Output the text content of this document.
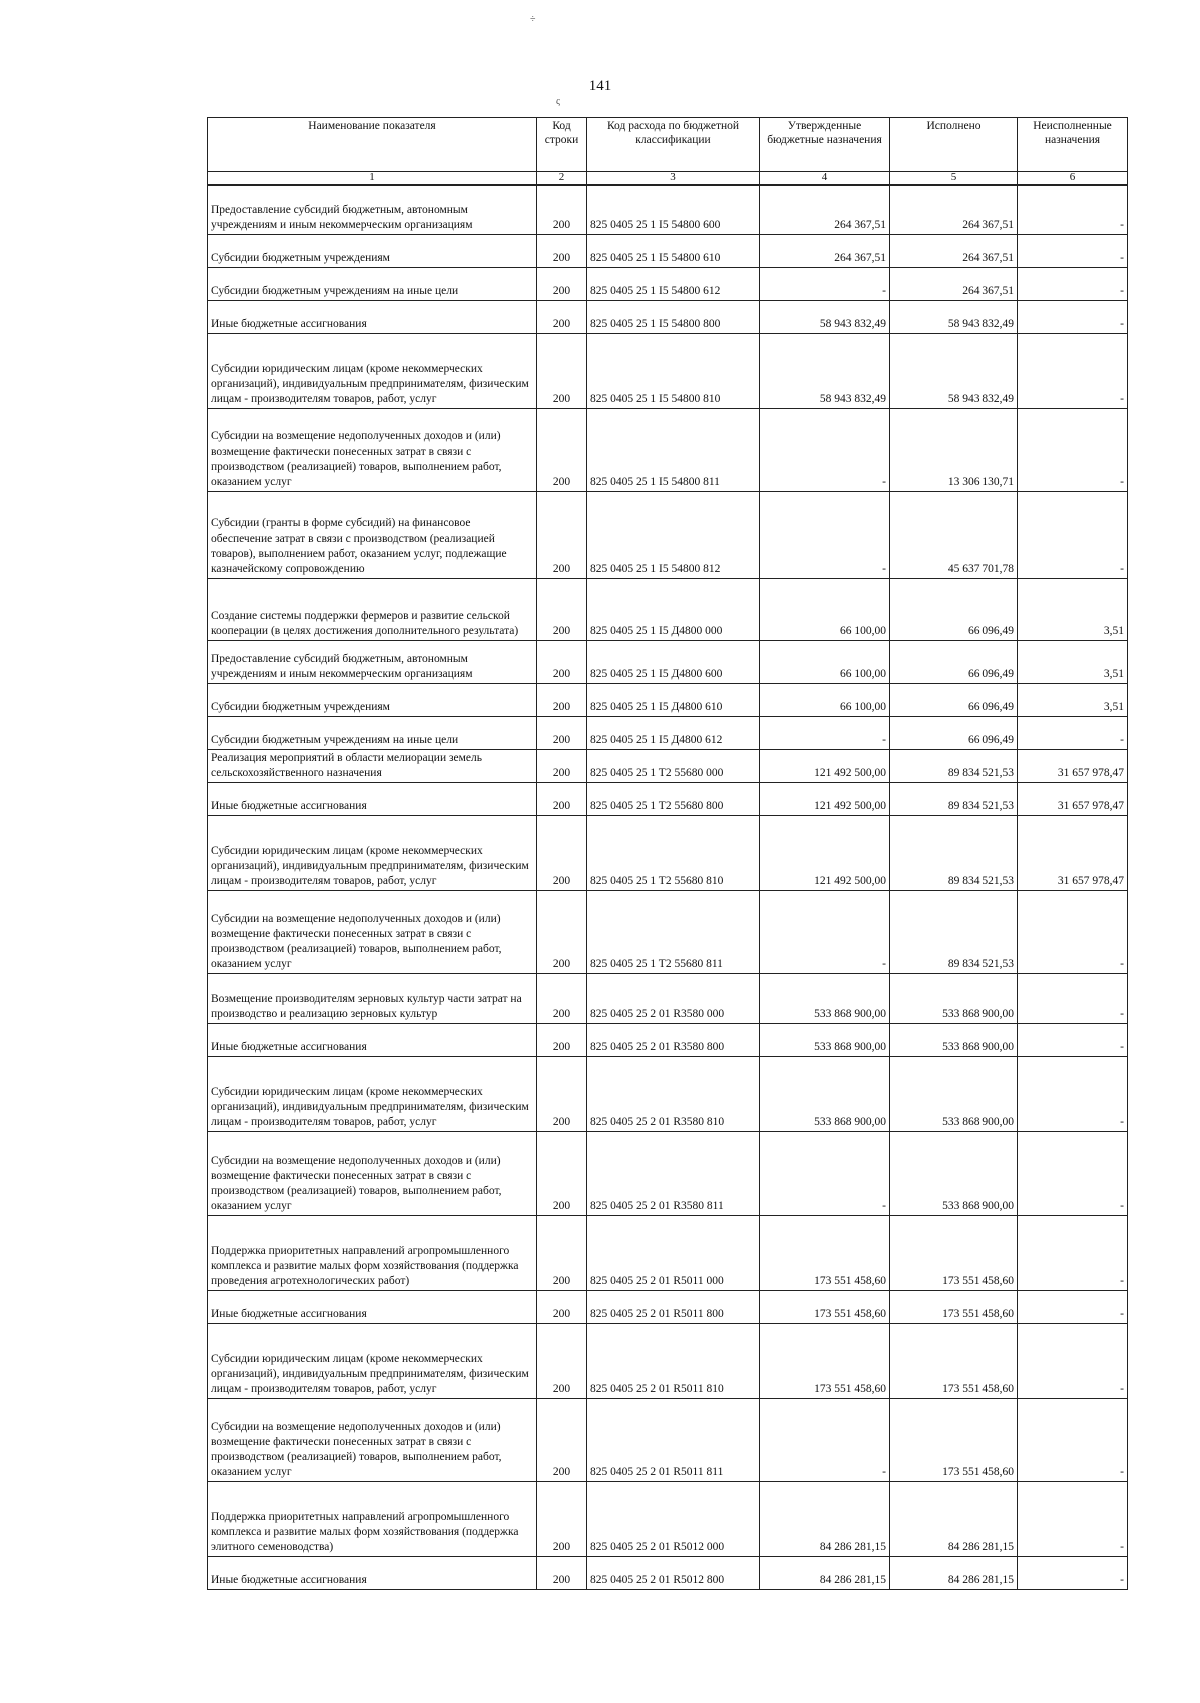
÷
ς
141
Наименование показателя	Код строки	Код расхода по бюджетной классификации	Утвержденные бюджетные назначения	Исполнено	Неисполненные назначения
1	2	3	4	5	6
Предоставление субсидий бюджетным, автономным учреждениям и иным некоммерческим организациям	200	825 0405 25 1 I5 54800 600	264 367,51	264 367,51	-
Субсидии бюджетным учреждениям	200	825 0405 25 1 I5 54800 610	264 367,51	264 367,51	-
Субсидии бюджетным учреждениям на иные цели	200	825 0405 25 1 I5 54800 612	-	264 367,51	-
Иные бюджетные ассигнования	200	825 0405 25 1 I5 54800 800	58 943 832,49	58 943 832,49	-
Субсидии юридическим лицам (кроме некоммерческих организаций), индивидуальным предпринимателям, физическим лицам - производителям товаров, работ, услуг	200	825 0405 25 1 I5 54800 810	58 943 832,49	58 943 832,49	-
Субсидии на возмещение недополученных доходов и (или) возмещение фактически понесенных затрат в связи с производством (реализацией) товаров, выполнением работ, оказанием услуг	200	825 0405 25 1 I5 54800 811	-	13 306 130,71	-
Субсидии (гранты в форме субсидий) на финансовое обеспечение затрат в связи с производством (реализацией товаров), выполнением работ, оказанием услуг, подлежащие казначейскому сопровождению	200	825 0405 25 1 I5 54800 812	-	45 637 701,78	-
Создание системы поддержки фермеров и развитие сельской кооперации (в целях достижения дополнительного результата)	200	825 0405 25 1 I5 Д4800 000	66 100,00	66 096,49	3,51
Предоставление субсидий бюджетным, автономным учреждениям и иным некоммерческим организациям	200	825 0405 25 1 I5 Д4800 600	66 100,00	66 096,49	3,51
Субсидии бюджетным учреждениям	200	825 0405 25 1 I5 Д4800 610	66 100,00	66 096,49	3,51
Субсидии бюджетным учреждениям на иные цели	200	825 0405 25 1 I5 Д4800 612	-	66 096,49	-
Реализация мероприятий в области мелиорации земель сельскохозяйственного назначения	200	825 0405 25 1 T2 55680 000	121 492 500,00	89 834 521,53	31 657 978,47
Иные бюджетные ассигнования	200	825 0405 25 1 T2 55680 800	121 492 500,00	89 834 521,53	31 657 978,47
Субсидии юридическим лицам (кроме некоммерческих организаций), индивидуальным предпринимателям, физическим лицам - производителям товаров, работ, услуг	200	825 0405 25 1 T2 55680 810	121 492 500,00	89 834 521,53	31 657 978,47
Субсидии на возмещение недополученных доходов и (или) возмещение фактически понесенных затрат в связи с производством (реализацией) товаров, выполнением работ, оказанием услуг	200	825 0405 25 1 T2 55680 811	-	89 834 521,53	-
Возмещение производителям зерновых культур части затрат на производство и реализацию зерновых культур	200	825 0405 25 2 01 R3580 000	533 868 900,00	533 868 900,00	-
Иные бюджетные ассигнования	200	825 0405 25 2 01 R3580 800	533 868 900,00	533 868 900,00	-
Субсидии юридическим лицам (кроме некоммерческих организаций), индивидуальным предпринимателям, физическим лицам - производителям товаров, работ, услуг	200	825 0405 25 2 01 R3580 810	533 868 900,00	533 868 900,00	-
Субсидии на возмещение недополученных доходов и (или) возмещение фактически понесенных затрат в связи с производством (реализацией) товаров, выполнением работ, оказанием услуг	200	825 0405 25 2 01 R3580 811	-	533 868 900,00	-
Поддержка приоритетных направлений агропромышленного комплекса и развитие малых форм хозяйствования (поддержка проведения агротехнологических работ)	200	825 0405 25 2 01 R5011 000	173 551 458,60	173 551 458,60	-
Иные бюджетные ассигнования	200	825 0405 25 2 01 R5011 800	173 551 458,60	173 551 458,60	-
Субсидии юридическим лицам (кроме некоммерческих организаций), индивидуальным предпринимателям, физическим лицам - производителям товаров, работ, услуг	200	825 0405 25 2 01 R5011 810	173 551 458,60	173 551 458,60	-
Субсидии на возмещение недополученных доходов и (или) возмещение фактически понесенных затрат в связи с производством (реализацией) товаров, выполнением работ, оказанием услуг	200	825 0405 25 2 01 R5011 811	-	173 551 458,60	-
Поддержка приоритетных направлений агропромышленного комплекса и развитие малых форм хозяйствования (поддержка элитного семеноводства)	200	825 0405 25 2 01 R5012 000	84 286 281,15	84 286 281,15	-
Иные бюджетные ассигнования	200	825 0405 25 2 01 R5012 800	84 286 281,15	84 286 281,15	-
